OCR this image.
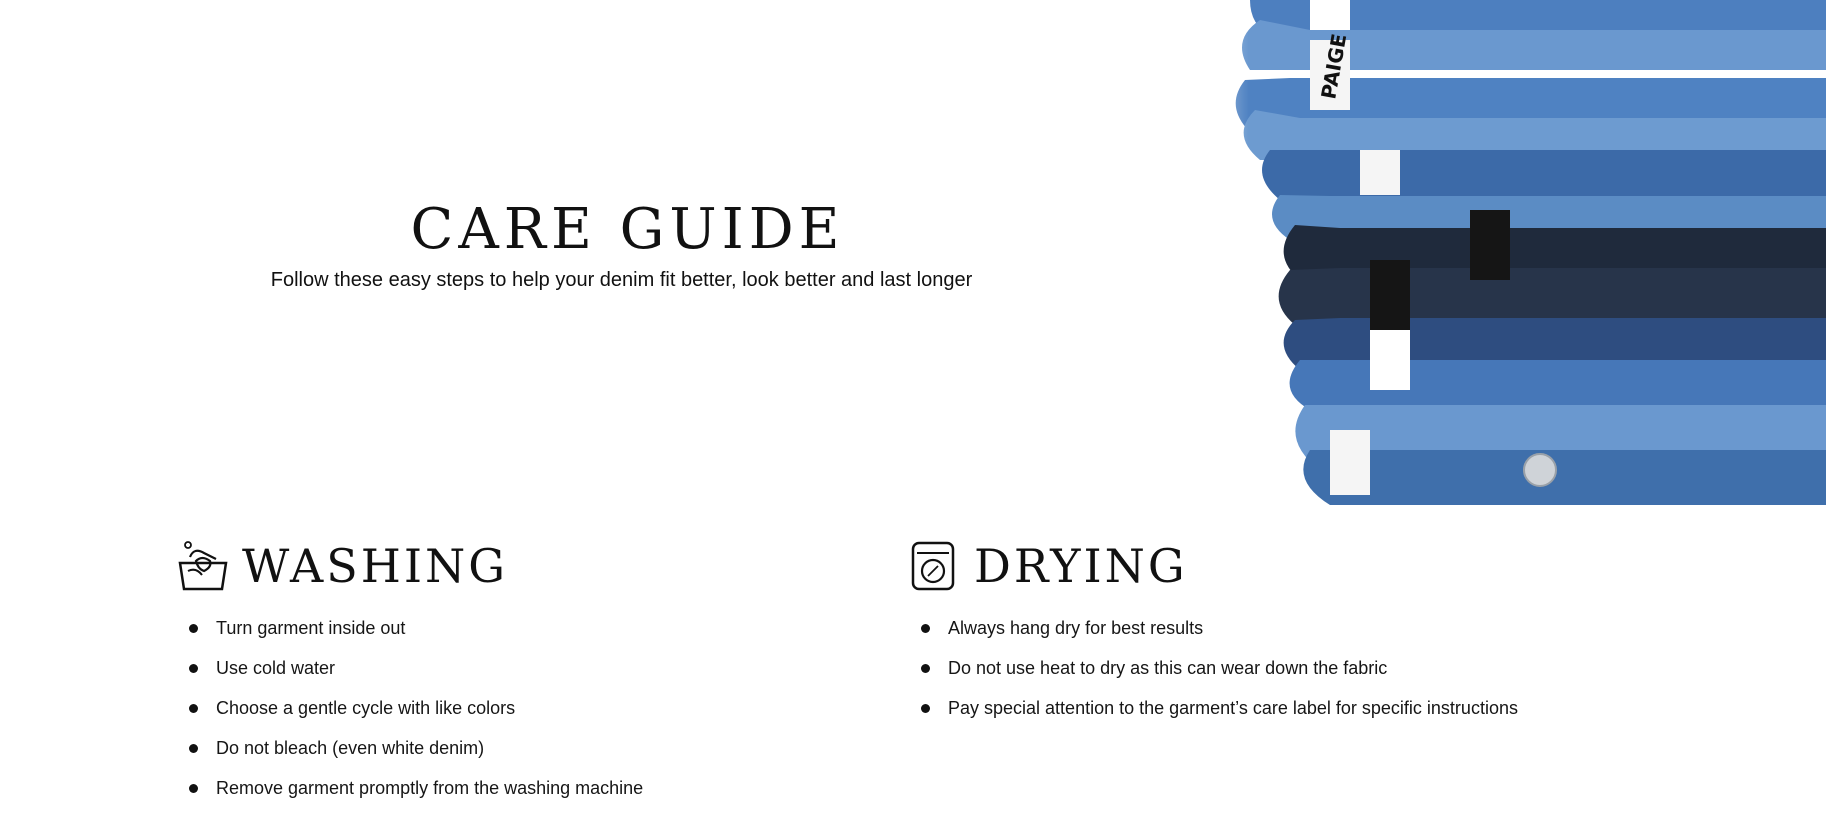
CARE GUIDE

Follow these easy steps to help your denim fit better, look better and last longer

WASHING
Turn garment inside out
Use cold water
Choose a gentle cycle with like colors
Do not bleach (even white denim)
Remove garment promptly from the washing machine
DRYING
Always hang dry for best results
Do not use heat to dry as this can wear down the fabric
Pay special attention to the garment’s care label for specific instructions
